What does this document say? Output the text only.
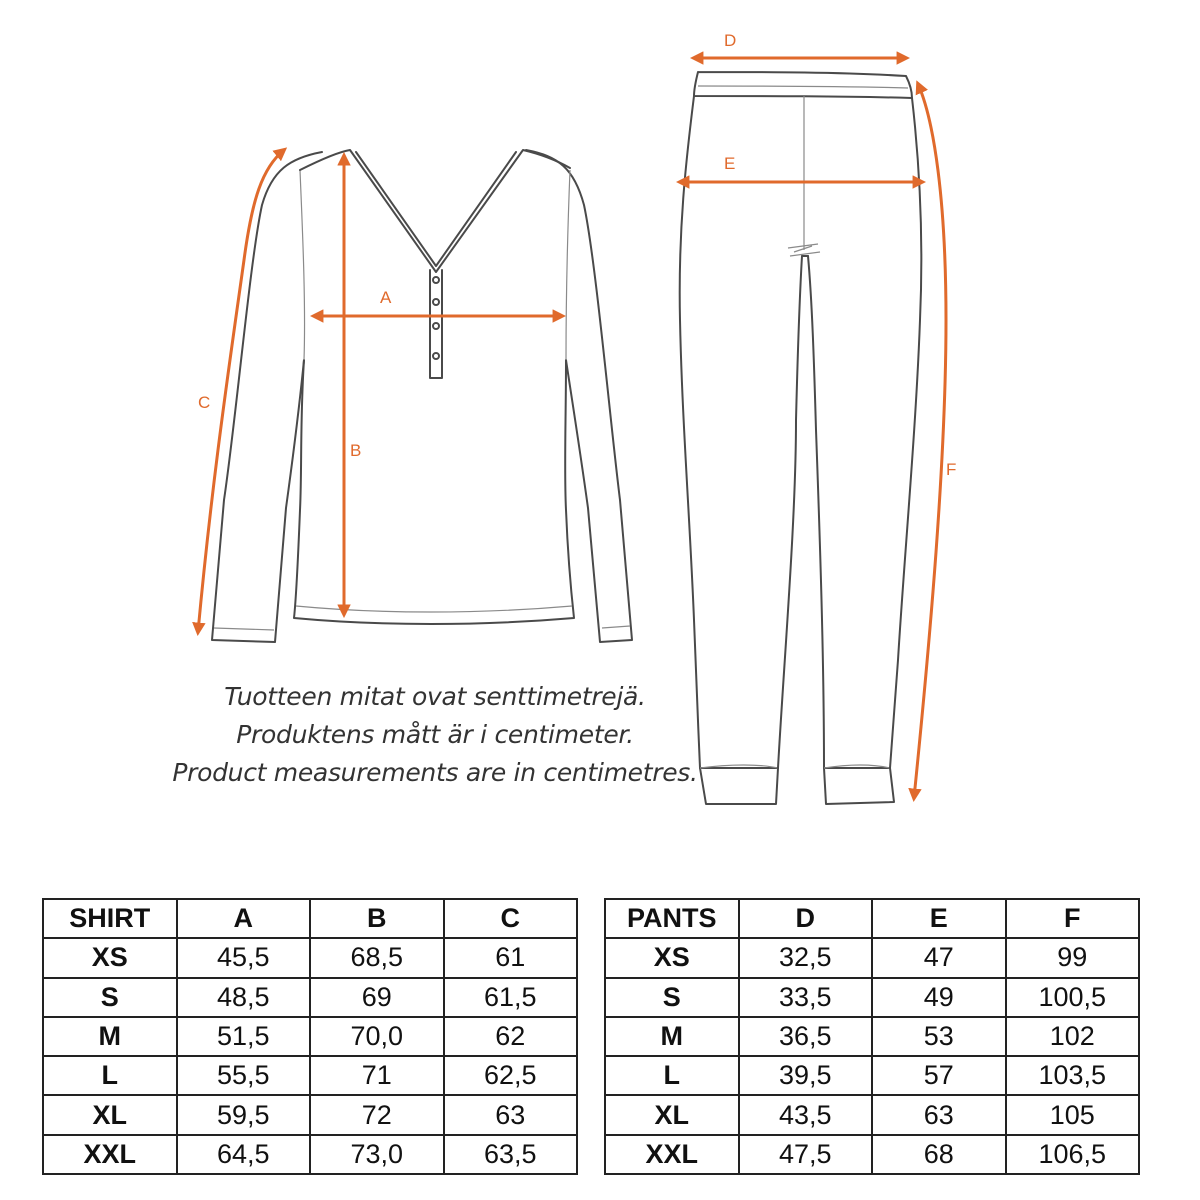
A
B
C
D
E
F
Tuotteen mitat ovat senttimetrejä.
Produktens mått är i centimeter.
Product measurements are in centimetres.
SHIRT	A	B	C
XS	45,5	68,5	61
S	48,5	69	61,5
M	51,5	70,0	62
L	55,5	71	62,5
XL	59,5	72	63
XXL	64,5	73,0	63,5
PANTS	D	E	F
XS	32,5	47	99
S	33,5	49	100,5
M	36,5	53	102
L	39,5	57	103,5
XL	43,5	63	105
XXL	47,5	68	106,5
